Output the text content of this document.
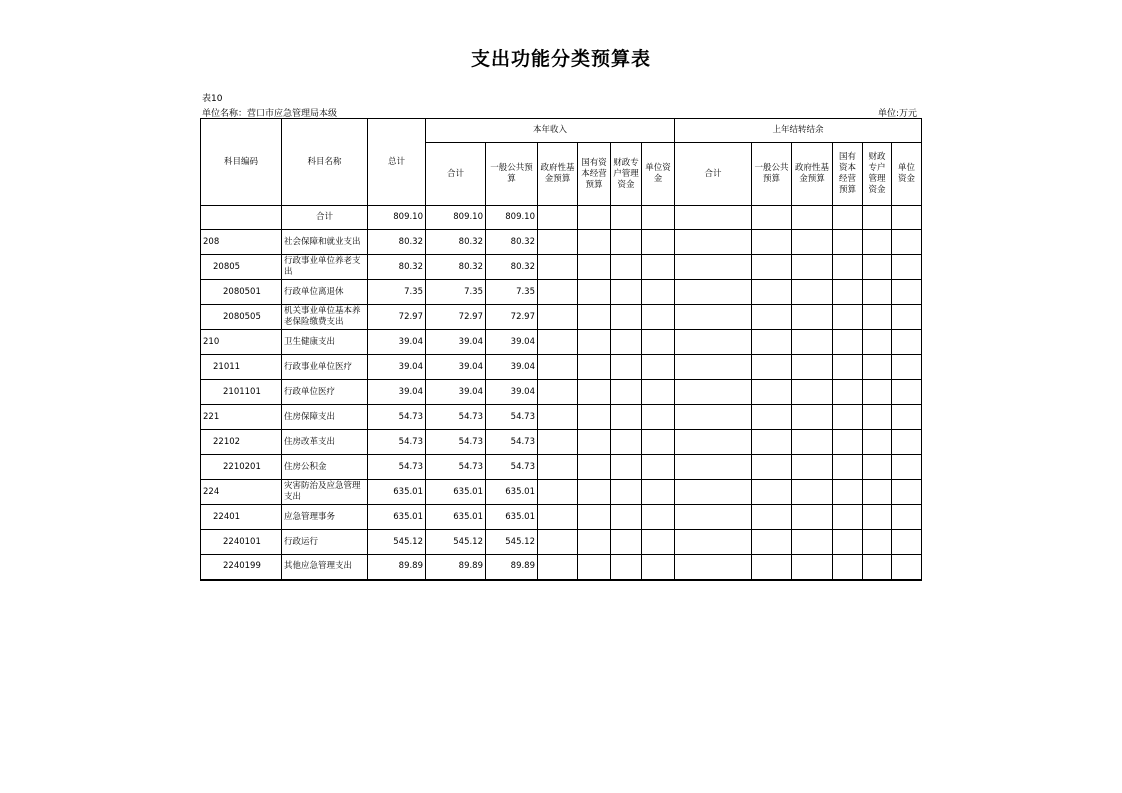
支出功能分类预算表
表10
单位名称：营口市应急管理局本级	单位:万元
科目编码	科目名称	总计	本年收入						上年结转结余					
			合计	一般公共预算	政府性基金预算	国有资本经营预算	财政专户管理资金	单位资金	合计	一般公共预算	政府性基金预算	国有资本经营预算	财政专户管理资金	单位资金
	合计	809.10	809.10	809.10										
208	社会保障和就业支出	80.32	80.32	80.32										
20805	行政事业单位养老支出	80.32	80.32	80.32										
2080501	行政单位离退休	7.35	7.35	7.35										
2080505	机关事业单位基本养老保险缴费支出	72.97	72.97	72.97										
210	卫生健康支出	39.04	39.04	39.04										
21011	行政事业单位医疗	39.04	39.04	39.04										
2101101	行政单位医疗	39.04	39.04	39.04										
221	住房保障支出	54.73	54.73	54.73										
22102	住房改革支出	54.73	54.73	54.73										
2210201	住房公积金	54.73	54.73	54.73										
224	灾害防治及应急管理支出	635.01	635.01	635.01										
22401	应急管理事务	635.01	635.01	635.01										
2240101	行政运行	545.12	545.12	545.12										
2240199	其他应急管理支出	89.89	89.89	89.89										
